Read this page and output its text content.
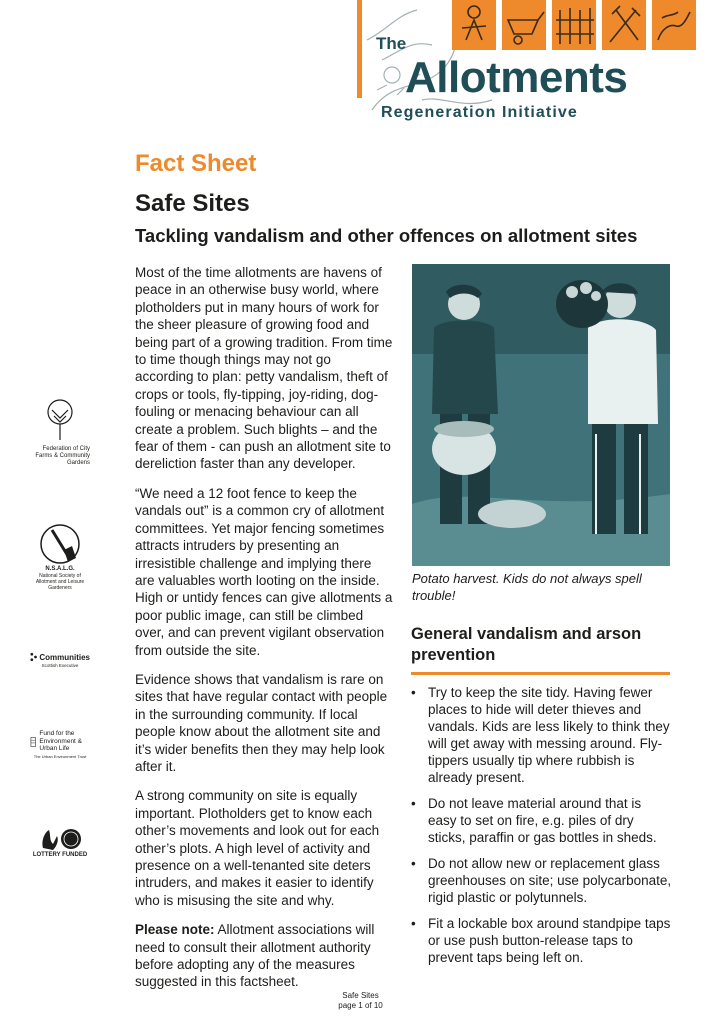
The
Allotments
Regeneration Initiative
Fact Sheet
Safe Sites
Tackling vandalism and other offences on allotment sites

Most of the time allotments are havens of peace in an otherwise busy world, where plotholders put in many hours of work for the sheer pleasure of growing food and being part of a growing tradition. From time to time though things may not go according to plan: petty vandalism, theft of crops or tools, fly-tipping, joy-riding, dog-fouling or menacing behaviour can all create a problem. Such blights – and the fear of them - can push an allotment site to dereliction faster than any developer.

“We need a 12 foot fence to keep the vandals out” is a common cry of allotment committees. Yet major fencing sometimes attracts intruders by presenting an irresistible challenge and implying there are valuables worth looting on the inside. High or untidy fences can give allotments a poor public image, can still be climbed over, and can prevent vigilant observation from outside the site.

Evidence shows that vandalism is rare on sites that have regular contact with people in the surrounding community. If local people know about the allotment site and it’s wider benefits then they may help look after it.

A strong community on site is equally important. Plotholders get to know each other’s movements and look out for each other’s plots. A high level of activity and presence on a well-tenanted site deters intruders, and makes it easier to identify who is misusing the site and why.

Please note: Allotment associations will need to consult their allotment authority before adopting any of the measures suggested in this factsheet.

Potato harvest. Kids do not always spell trouble!
General vandalism and arson prevention
• Try to keep the site tidy. Having fewer places to hide will deter thieves and vandals. Kids are less likely to think they will get away with messing around. Fly-tippers usually tip where rubbish is already present.
• Do not leave material around that is easy to set on fire, e.g. piles of dry sticks, paraffin or gas bottles in sheds.
• Do not allow new or replacement glass greenhouses on site; use polycarbonate, rigid plastic or polytunnels.
• Fit a lockable box around standpipe taps or use push button-release taps to prevent taps being left on.
Federation of City Farms & Community Gardens
N.S.A.L.G.
National Society of Allotment and Leisure Gardeners
Communities
Scottish Executive
Fund for the Environment & Urban Life
The Urban Environment Trust
LOTTERY FUNDED
Safe Sites
page 1 of 10
